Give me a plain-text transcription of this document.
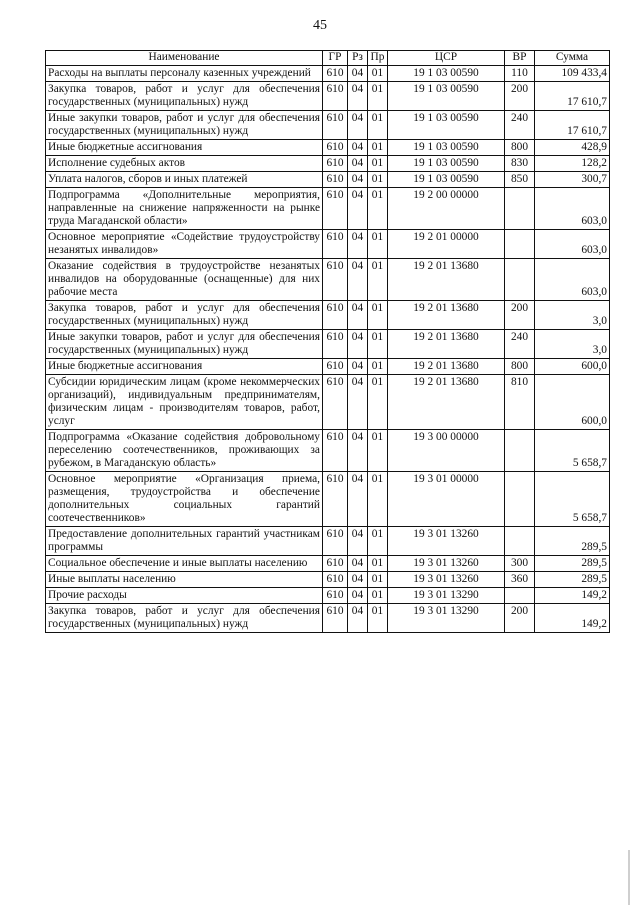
45
Наименование	ГР	Рз	Пр	ЦСР	ВР	Сумма
Расходы на выплаты персоналу казенных учреждений	610	04	01	19 1 03 00590	110	109 433,4
Закупка товаров, работ и услуг для обеспечения государственных (муниципальных) нужд	610	04	01	19 1 03 00590	200	17 610,7
Иные закупки товаров, работ и услуг для обеспечения государственных (муниципальных) нужд	610	04	01	19 1 03 00590	240	17 610,7
Иные бюджетные ассигнования	610	04	01	19 1 03 00590	800	428,9
Исполнение судебных актов	610	04	01	19 1 03 00590	830	128,2
Уплата налогов, сборов и иных платежей	610	04	01	19 1 03 00590	850	300,7
Подпрограмма «Дополнительные мероприятия, направленные на снижение напряженности на рынке труда Магаданской области»	610	04	01	19 2 00 00000		603,0
Основное мероприятие «Содействие трудоустройству незанятых инвалидов»	610	04	01	19 2 01 00000		603,0
Оказание содействия в трудоустройстве незанятых инвалидов на оборудованные (оснащенные) для них рабочие места	610	04	01	19 2 01 13680		603,0
Закупка товаров, работ и услуг для обеспечения государственных (муниципальных) нужд	610	04	01	19 2 01 13680	200	3,0
Иные закупки товаров, работ и услуг для обеспечения государственных (муниципальных) нужд	610	04	01	19 2 01 13680	240	3,0
Иные бюджетные ассигнования	610	04	01	19 2 01 13680	800	600,0
Субсидии юридическим лицам (кроме некоммерческих организаций), индивидуальным предпринимателям, физическим лицам - производителям товаров, работ, услуг	610	04	01	19 2 01 13680	810	600,0
Подпрограмма «Оказание содействия добровольному переселению соотечественников, проживающих за рубежом, в Магаданскую область»	610	04	01	19 3 00 00000		5 658,7
Основное мероприятие «Организация приема, размещения, трудоустройства и обеспечение дополнительных социальных гарантий соотечественников»	610	04	01	19 3 01 00000		5 658,7
Предоставление дополнительных гарантий участникам программы	610	04	01	19 3 01 13260		289,5
Социальное обеспечение и иные выплаты населению	610	04	01	19 3 01 13260	300	289,5
Иные выплаты населению	610	04	01	19 3 01 13260	360	289,5
Прочие расходы	610	04	01	19 3 01 13290		149,2
Закупка товаров, работ и услуг для обеспечения государственных (муниципальных) нужд	610	04	01	19 3 01 13290	200	149,2
